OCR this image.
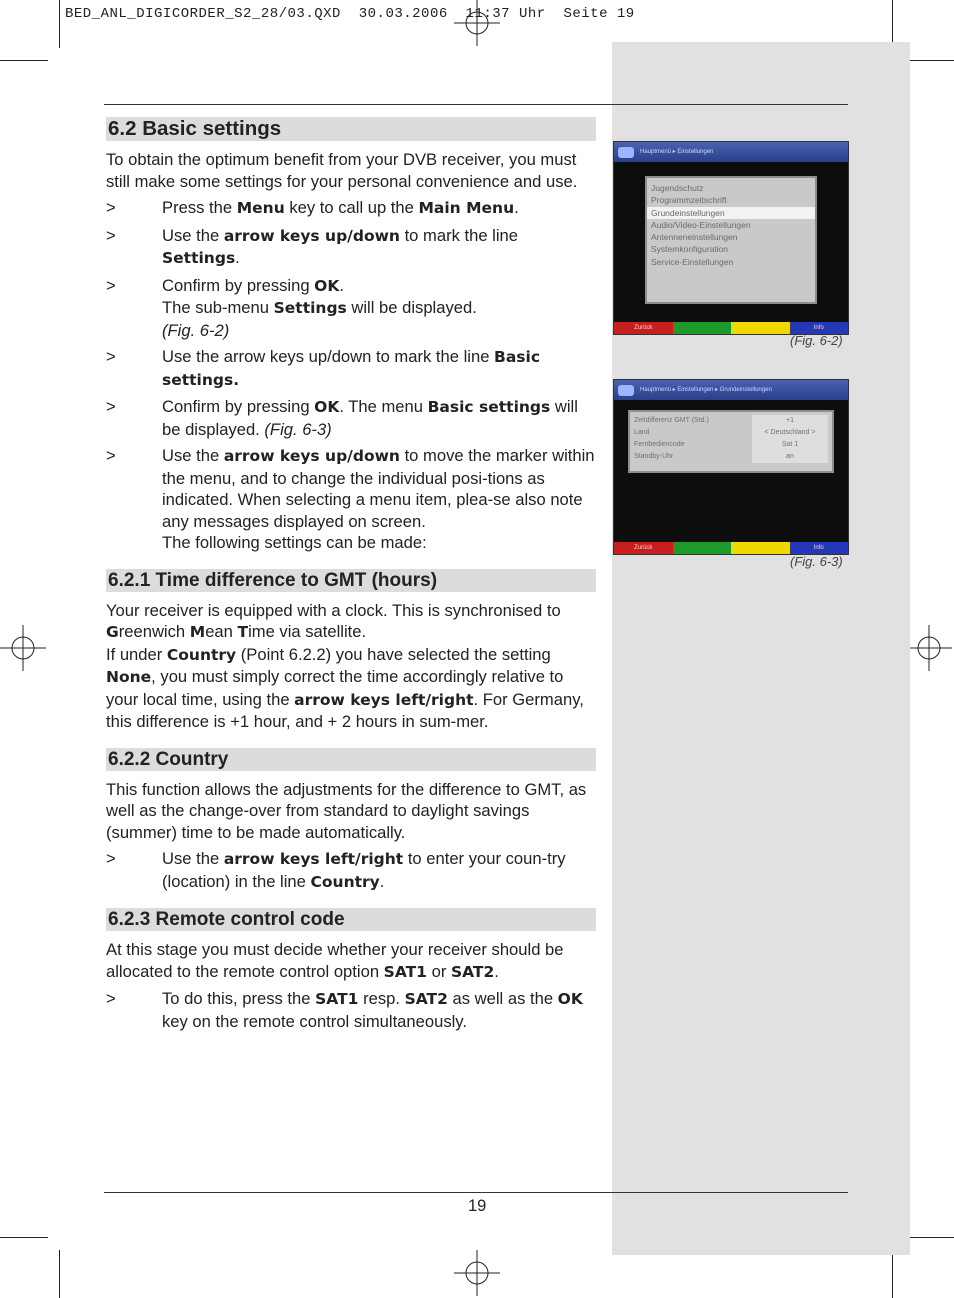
BED_ANL_DIGICORDER_S2_28/03.QXD  30.03.2006  11:37 Uhr  Seite 19
6.2 Basic settings

To obtain the optimum benefit from your DVB receiver, you must still make some settings for your personal convenience and use.

>	Press the Menu key to call up the Main Menu.
>	Use the arrow keys up/down to mark the line Settings.
>	Confirm by pressing OK.
The sub-menu Settings will be displayed.
(Fig. 6-2)
>	Use the arrow keys up/down to mark the line Basic settings.
>	Confirm by pressing OK. The menu Basic settings will be displayed. (Fig. 6-3)
>	Use the arrow keys up/down to move the marker within the menu, and to change the individual posi-tions as indicated. When selecting a menu item, plea-se also note any messages displayed on screen.
The following settings can be made:
6.2.1 Time difference to GMT (hours)

Your receiver is equipped with a clock. This is synchronised to Greenwich Mean Time via satellite.
If under Country (Point 6.2.2) you have selected the setting None, you must simply correct the time accordingly relative to your local time, using the arrow keys left/right. For Germany, this difference is +1 hour, and + 2 hours in sum-mer.

6.2.2 Country

This function allows the adjustments for the difference to GMT, as well as the change-over from standard to daylight savings (summer) time to be made automatically.

>	Use the arrow keys left/right to enter your coun-try (location) in the line Country.
6.2.3 Remote control code

At this stage you must decide whether your receiver should be allocated to the remote control option SAT1 or SAT2.

>	To do this, press the SAT1 resp. SAT2 as well as the OK key on the remote control simultaneously.
Hauptmenü ▸ Einstellungen
Jugendschutz
Programmzeitschrift
Grundeinstellungen
Audio/Video-Einstellungen
Antenneneinstellungen
Systemkonfiguration
Service-Einstellungen
Zurück	Info
(Fig. 6-2)
Hauptmenü ▸ Einstellungen ▸ Grundeinstellungen
Zeitdifferenz GMT (Std.)	+1
Land	< Deutschland >
Fernbediencode	Sat 1
Standby-Uhr	an
Zurück	Info
(Fig. 6-3)
19
